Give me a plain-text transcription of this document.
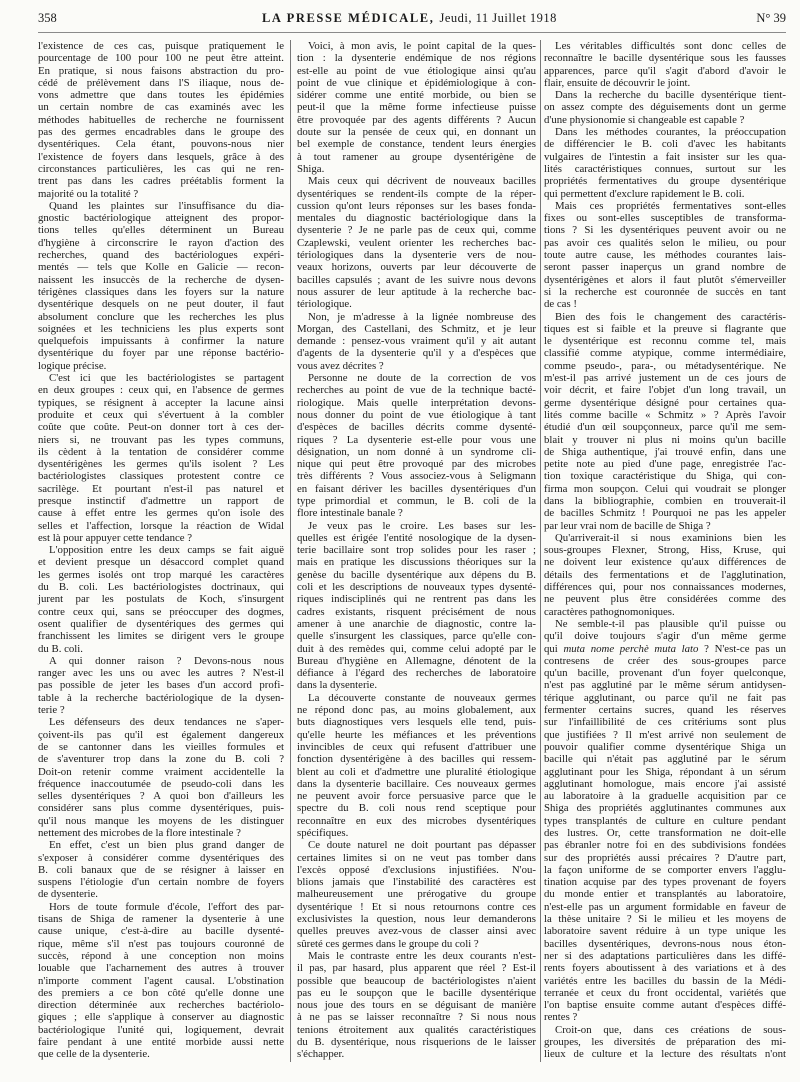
358	LA PRESSE MÉDICALE, Jeudi, 11 Juillet 1918	N° 39
l'existence de ces cas, puisque pratiquement le
pourcentage de 100 pour 100 ne peut être atteint.
En pratique, si nous faisons abstraction du pro-
cédé de prélèvement dans l'S iliaque, nous de-
vons admettre que dans toutes les épidémies
un certain nombre de cas examinés avec les
méthodes habituelles de recherche ne fournissent
pas des germes encadrables dans le groupe des
dysentériques. Cela étant, pouvons-nous nier
l'existence de foyers dans lesquels, grâce à des
circonstances particulières, les cas qui ne ren-
trent pas dans les cadres préétablis forment la
majorité ou la totalité ?
Quand les plaintes sur l'insuffisance du dia-
gnostic bactériologique atteignent des propor-
tions telles qu'elles déterminent un Bureau
d'hygiène à circonscrire le rayon d'action des
recherches, quand des bactériologues expéri-
mentés — tels que Kolle en Galicie — recon-
naissent les insuccès de la recherche de dysen-
térigènes classiques dans les foyers sur la nature
dysentérique desquels on ne peut douter, il faut
absolument conclure que les recherches les plus
soignées et les techniciens les plus experts sont
quelquefois impuissants à confirmer la nature
dysentérique du foyer par une réponse bactério-
logique précise.
C'est ici que les bactériologistes se partagent
en deux groupes : ceux qui, en l'absence de germes
typiques, se résignent à accepter la lacune ainsi
produite et ceux qui s'évertuent à la combler
coûte que coûte. Peut-on donner tort à ces der-
niers si, ne trouvant pas les types communs,
ils cèdent à la tentation de considérer comme
dysentérigènes les germes qu'ils isolent ? Les
bactériologistes classiques protestent contre ce
sacrilège. Et pourtant n'est-il pas naturel et
presque instinctif d'admettre un rapport de
cause à effet entre les germes qu'on isole des
selles et l'affection, lorsque la réaction de Widal
est là pour appuyer cette tendance ?
L'opposition entre les deux camps se fait aiguë
et devient presque un désaccord complet quand
les germes isolés ont trop marqué les caractères
du B. coli. Les bactériologistes doctrinaux, qui
jurent par les postulats de Koch, s'insurgent
contre ceux qui, sans se préoccuper des dogmes,
osent qualifier de dysentériques des germes qui
franchissent les limites se dirigent vers le groupe
du B. coli.
A qui donner raison ? Devons-nous nous
ranger avec les uns ou avec les autres ? N'est-il
pas possible de jeter les bases d'un accord profi-
table à la recherche bactériologique de la dysen-
terie ?
Les défenseurs des deux tendances ne s'aper-
çoivent-ils pas qu'il est également dangereux
de se cantonner dans les vieilles formules et
de s'aventurer trop dans la zone du B. coli ?
Doit-on retenir comme vraiment accidentelle la
fréquence inaccoutumée de pseudo-coli dans les
selles dysentériques ? A quoi bon d'ailleurs les
considérer sans plus comme dysentériques, puis-
qu'il nous manque les moyens de les distinguer
nettement des microbes de la flore intestinale ?
En effet, c'est un bien plus grand danger de
s'exposer à considérer comme dysentériques des
B. coli banaux que de se résigner à laisser en
suspens l'étiologie d'un certain nombre de foyers
de dysenterie.
Hors de toute formule d'école, l'effort des par-
tisans de Shiga de ramener la dysenterie à une
cause unique, c'est-à-dire au bacille dysenté-
rique, même s'il n'est pas toujours couronné de
succès, répond à une conception non moins
louable que l'acharnement des autres à trouver
n'importe comment l'agent causal. L'obstination
des premiers a ce bon côté qu'elle donne une
direction déterminée aux recherches bactériolo-
giques ; elle s'applique à conserver au diagnostic
bactériologique l'unité qui, logiquement, devrait
faire pendant à une entité morbide aussi nette
que celle de la dysenterie.
Voici, à mon avis, le point capital de la ques-
tion : la dysenterie endémique de nos régions
est-elle au point de vue étiologique ainsi qu'au
point de vue clinique et épidémiologique à con-
sidérer comme une entité morbide, ou bien se
peut-il que la même forme infectieuse puisse
être provoquée par des agents différents ? Aucun
doute sur la pensée de ceux qui, en donnant un
bel exemple de constance, tendent leurs énergies
à tout ramener au groupe dysentérigène de
Shiga.
Mais ceux qui décrivent de nouveaux bacilles
dysentériques se rendent-ils compte de la réper-
cussion qu'ont leurs réponses sur les bases fonda-
mentales du diagnostic bactériologique dans la
dysenterie ? Je ne parle pas de ceux qui, comme
Czaplewski, veulent orienter les recherches bac-
tériologiques dans la dysenterie vers de nou-
veaux horizons, ouverts par leur découverte de
bacilles capsulés ; avant de les suivre nous devons
nous assurer de leur aptitude à la recherche bac-
tériologique.
Non, je m'adresse à la lignée nombreuse des
Morgan, des Castellani, des Schmitz, et je leur
demande : pensez-vous vraiment qu'il y ait autant
d'agents de la dysenterie qu'il y a d'espèces que
vous avez décrites ?
Personne ne doute de la correction de vos
recherches au point de vue de la technique bacté-
riologique. Mais quelle interprétation devons-
nous donner du point de vue étiologique à tant
d'espèces de bacilles décrits comme dysenté-
riques ? La dysenterie est-elle pour vous une
désignation, un nom donné à un syndrome cli-
nique qui peut être provoqué par des microbes
très différents ? Vous associez-vous à Seligmann
en faisant dériver les bacilles dysentériques d'un
type primordial et commun, le B. coli de la
flore intestinale banale ?
Je veux pas le croire. Les bases sur les-
quelles est érigée l'entité nosologique de la dysen-
terie bacillaire sont trop solides pour les raser ;
mais en pratique les discussions théoriques sur la
genèse du bacille dysentérique aux dépens du B.
coli et les descriptions de nouveaux types dysenté-
riques indisciplinés qui ne rentrent pas dans les
cadres existants, risquent précisément de nous
amener à une anarchie de diagnostic, contre la-
quelle s'insurgent les classiques, parce qu'elle con-
duit à des remèdes qui, comme celui adopté par le
Bureau d'hygiène en Allemagne, dénotent de la
défiance à l'égard des recherches de laboratoire
dans la dysenterie.
La découverte constante de nouveaux germes
ne répond donc pas, au moins globalement, aux
buts diagnostiques vers lesquels elle tend, puis-
qu'elle heurte les méfiances et les préventions
invincibles de ceux qui refusent d'attribuer une
fonction dysentérigène à des bacilles qui ressem-
blent au coli et d'admettre une pluralité étiologique
dans la dysenterie bacillaire. Ces nouveaux germes
ne peuvent avoir force persuasive parce que le
spectre du B. coli nous rend sceptique pour
reconnaître en eux des microbes dysentériques
spécifiques.
Ce doute naturel ne doit pourtant pas dépasser
certaines limites si on ne veut pas tomber dans
l'excès opposé d'exclusions injustifiées. N'ou-
blions jamais que l'instabilité des caractères est
malheureusement une prérogative du groupe
dysentérique ! Et si nous retournons contre ces
exclusivistes la question, nous leur demanderons
quelles preuves avez-vous de classer ainsi avec
sûreté ces germes dans le groupe du coli ?
Mais le contraste entre les deux courants n'est-
il pas, par hasard, plus apparent que réel ? Est-il
possible que beaucoup de bactériologistes n'aient
pas eu le soupçon que le bacille dysentérique
nous joue des tours en se déguisant de manière
à ne pas se laisser reconnaître ? Si nous nous
tenions étroitement aux qualités caractéristiques
du B. dysentérique, nous risquerions de le laisser
s'échapper.
Les véritables difficultés sont donc celles de
reconnaître le bacille dysentérique sous les fausses
apparences, parce qu'il s'agit d'abord d'avoir le
flair, ensuite de découvrir le joint.
Dans la recherche du bacille dysentérique tient-
on assez compte des déguisements dont un germe
d'une physionomie si changeable est capable ?
Dans les méthodes courantes, la préoccupation
de différencier le B. coli d'avec les habitants
vulgaires de l'intestin a fait insister sur les qua-
lités caractéristiques connues, surtout sur les
propriétés fermentatives du groupe dysentérique
qui permettent d'exclure rapidement le B. coli.
Mais ces propriétés fermentatives sont-elles
fixes ou sont-elles susceptibles de transforma-
tions ? Si les dysentériques peuvent avoir ou ne
pas avoir ces qualités selon le milieu, ou pour
toute autre cause, les méthodes courantes lais-
seront passer inaperçus un grand nombre de
dysentérigènes et alors il faut plutôt s'émerveiller
si la recherche est couronnée de succès en tant
de cas !
Bien des fois le changement des caractéris-
tiques est si faible et la preuve si flagrante que
le dysentérique est reconnu comme tel, mais
classifié comme atypique, comme intermédiaire,
comme pseudo-, para-, ou métadysentérique. Ne
m'est-il pas arrivé justement un de ces jours de
voir décrit, et faire l'objet d'un long travail, un
germe dysentérique désigné pour certaines qua-
lités comme bacille « Schmitz » ? Après l'avoir
étudié d'un œil soupçonneux, parce qu'il me sem-
blait y trouver ni plus ni moins qu'un bacille
de Shiga authentique, j'ai trouvé enfin, dans une
petite note au pied d'une page, enregistrée l'ac-
tion toxique caractéristique du Shiga, qui con-
firma mon soupçon. Celui qui voudrait se plonger
dans la bibliographie, combien en trouverait-il
de bacilles Schmitz ! Pourquoi ne pas les appeler
par leur vrai nom de bacille de Shiga ?
Qu'arriverait-il si nous examinions bien les
sous-groupes Flexner, Strong, Hiss, Kruse, qui
ne doivent leur existence qu'aux différences de
détails des fermentations et de l'agglutination,
différences qui, pour nos connaissances modernes,
ne peuvent plus être considérées comme des
caractères pathognomoniques.
Ne semble-t-il pas plausible qu'il puisse ou
qu'il doive toujours s'agir d'un même germe
qui muta nome perchè muta lato ? N'est-ce pas un
contresens de créer des sous-groupes parce
qu'un bacille, provenant d'un foyer quelconque,
n'est pas agglutiné par le même sérum antidysen-
térique agglutinant, ou parce qu'il ne fait pas
fermenter certains sucres, quand les réserves
sur l'infaillibilité de ces critériums sont plus
que justifiées ? Il m'est arrivé non seulement de
pouvoir qualifier comme dysentérique Shiga un
bacille qui n'était pas agglutiné par le sérum
agglutinant pour les Shiga, répondant à un sérum
agglutinant homologue, mais encore j'ai assisté
au laboratoire à la graduelle acquisition par ce
Shiga des propriétés agglutinantes communes aux
types transplantés de culture en culture pendant
des lustres. Or, cette transformation ne doit-elle
pas ébranler notre foi en des subdivisions fondées
sur des propriétés aussi précaires ? D'autre part,
la façon uniforme de se comporter envers l'agglu-
tination acquise par des types provenant de foyers
du monde entier et transplantés au laboratoire,
n'est-elle pas un argument formidable en faveur de
la thèse unitaire ? Si le milieu et les moyens de
laboratoire savent réduire à un type unique les
bacilles dysentériques, devrons-nous nous éton-
ner si des adaptations particulières dans les diffé-
rents foyers aboutissent à des variations et à des
variétés entre les bacilles du bassin de la Médi-
terranée et ceux du front occidental, variétés que
l'on baptise ensuite comme autant d'espèces diffé-
rentes ?
Croit-on que, dans ces créations de sous-
groupes, les diversités de préparation des mi-
lieux de culture et la lecture des résultats n'ont
